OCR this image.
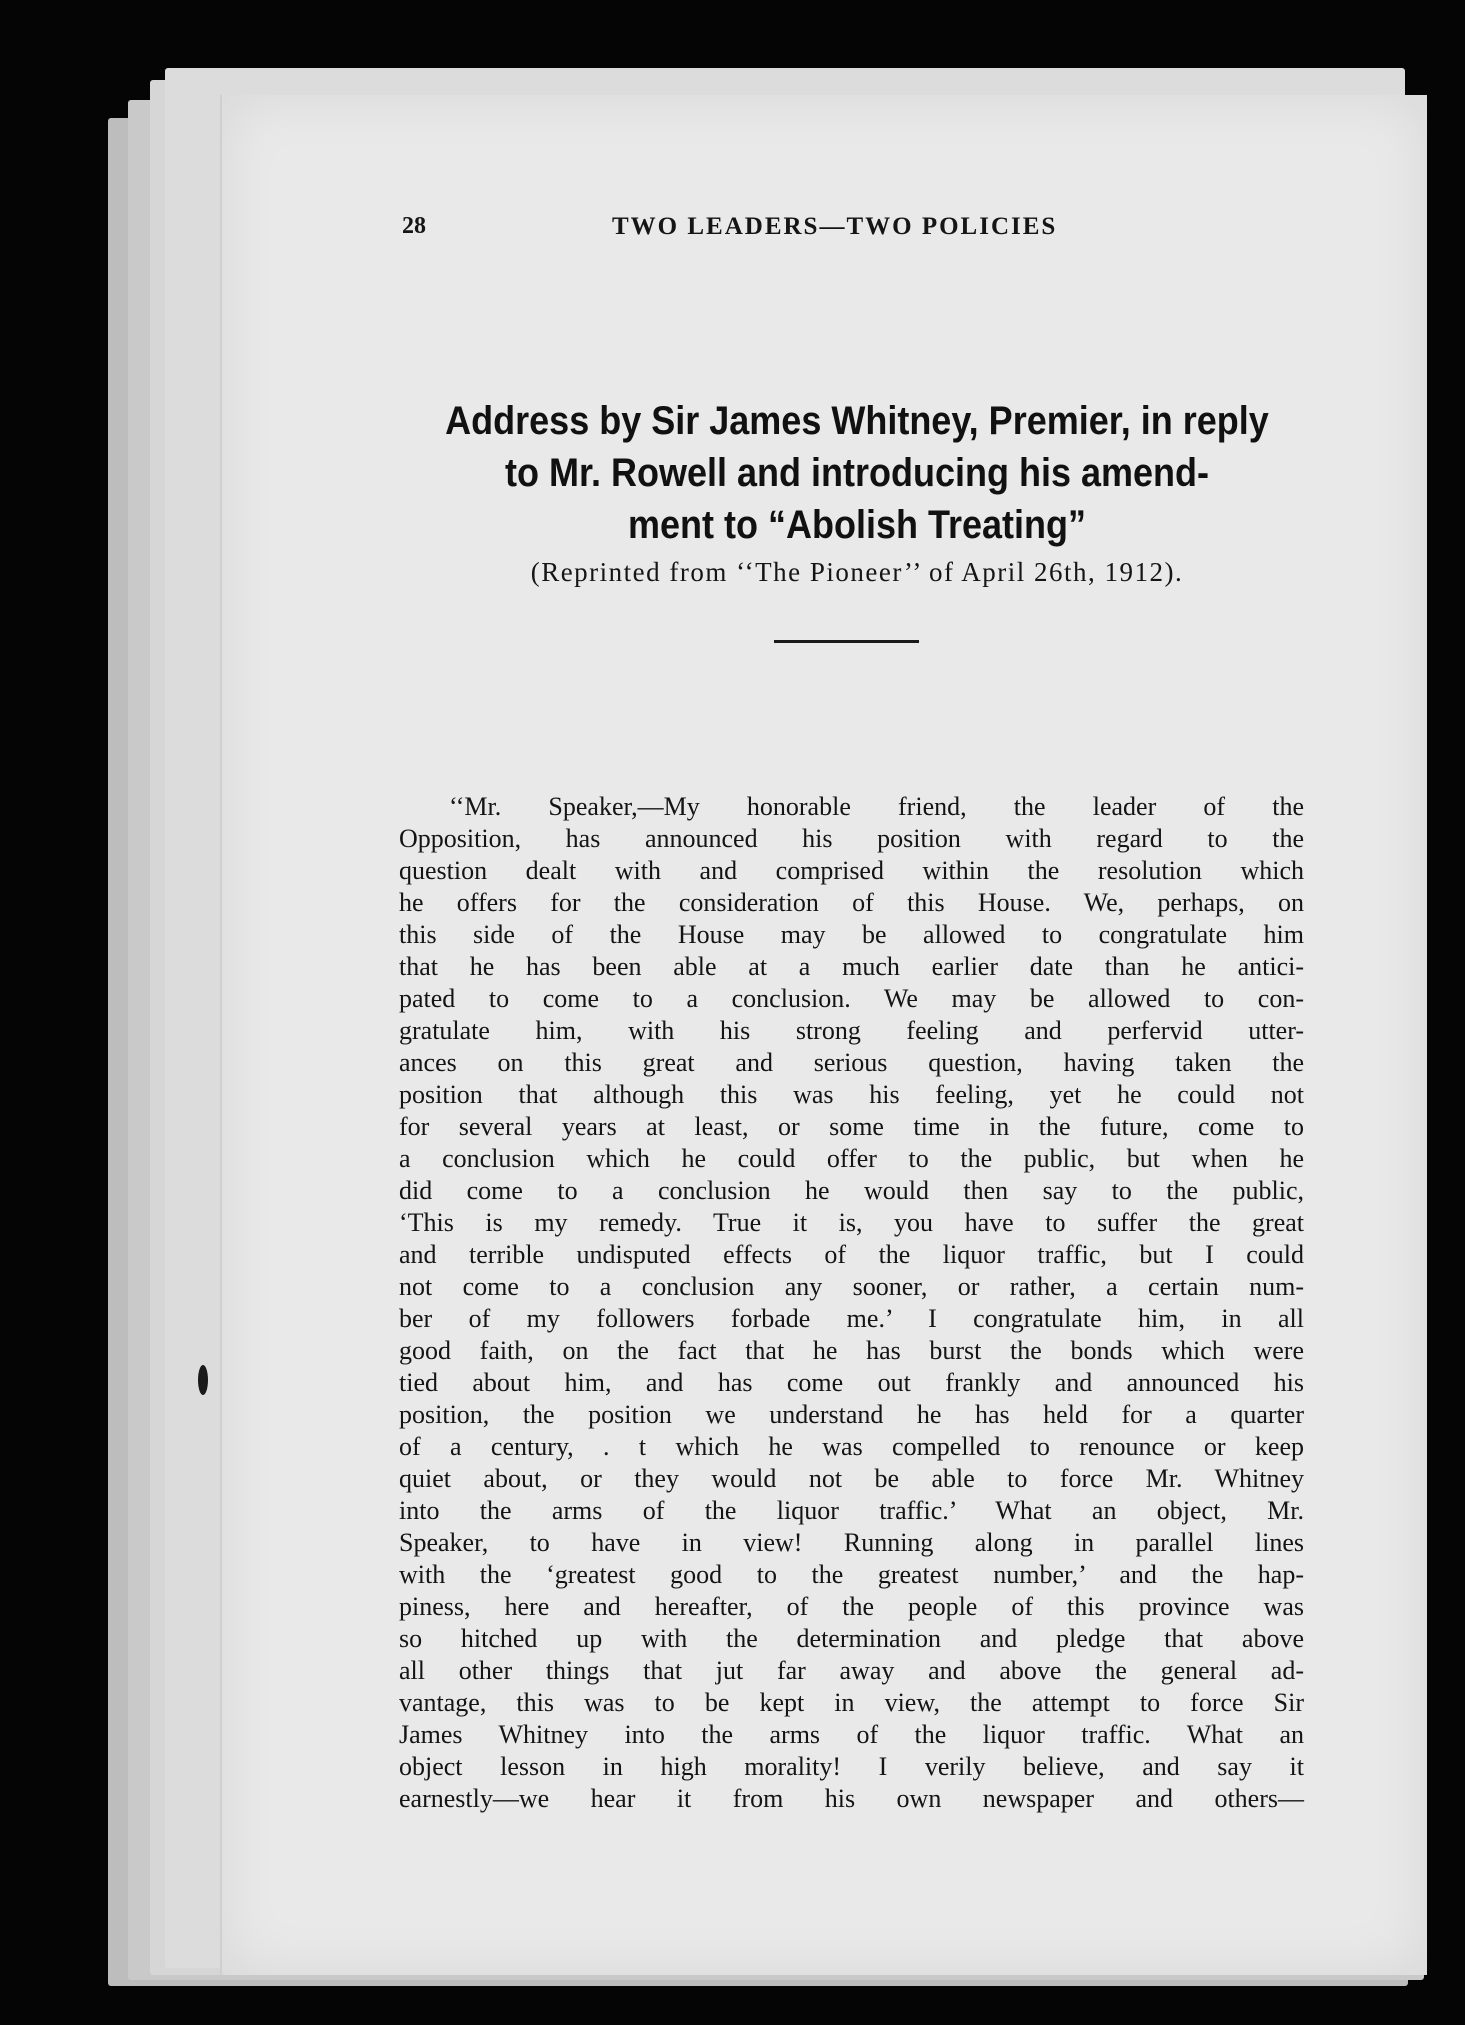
28	TWO LEADERS—TWO POLICIES
Address by Sir James Whitney, Premier, in reply
to Mr. Rowell and introducing his amend-
ment to “Abolish Treating”

(Reprinted from ‘‘The Pioneer’’ of April 26th, 1912).

‘‘Mr. Speaker,—My honorable friend, the leader of the
Opposition, has announced his position with regard to the
question dealt with and comprised within the resolution which
he offers for the consideration of this House. We, perhaps, on
this side of the House may be allowed to congratulate him
that he has been able at a much earlier date than he antici-
pated to come to a conclusion. We may be allowed to con-
gratulate him, with his strong feeling and perfervid utter-
ances on this great and serious question, having taken the
position that although this was his feeling, yet he could not
for several years at least, or some time in the future, come to
a conclusion which he could offer to the public, but when he
did come to a conclusion he would then say to the public,
‘This is my remedy. True it is, you have to suffer the great
and terrible undisputed effects of the liquor traffic, but I could
not come to a conclusion any sooner, or rather, a certain num-
ber of my followers forbade me.’ I congratulate him, in all
good faith, on the fact that he has burst the bonds which were
tied about him, and has come out frankly and announced his
position, the position we understand he has held for a quarter
of a century, . t which he was compelled to renounce or keep
quiet about, or they would not be able to force Mr. Whitney
into the arms of the liquor traffic.’ What an object, Mr.
Speaker, to have in view! Running along in parallel lines
with the ‘greatest good to the greatest number,’ and the hap-
piness, here and hereafter, of the people of this province was
so hitched up with the determination and pledge that above
all other things that jut far away and above the general ad-
vantage, this was to be kept in view, the attempt to force Sir
James Whitney into the arms of the liquor traffic. What an
object lesson in high morality! I verily believe, and say it
earnestly—we hear it from his own newspaper and others—
